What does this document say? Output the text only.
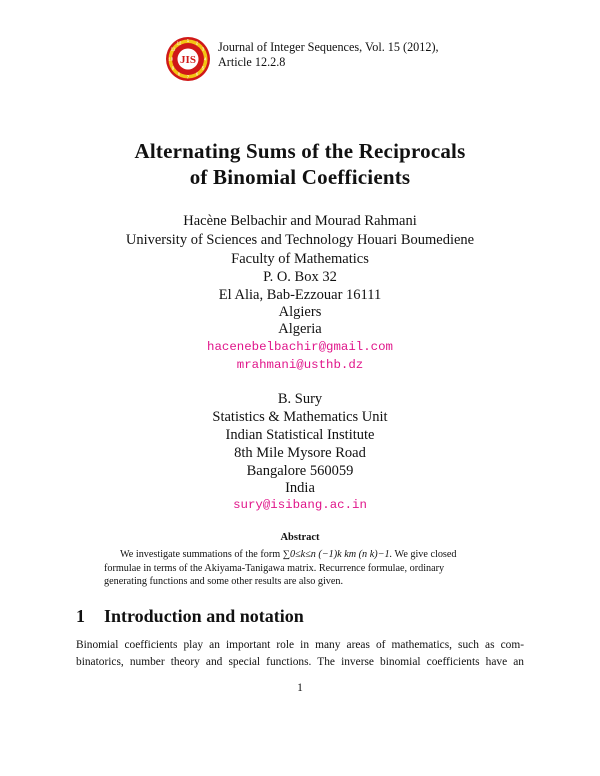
1 2
3
4
5
6
7
8
9
10
11
12
JIS
Journal of Integer Sequences, Vol. 15 (2012),
Article 12.2.8
Alternating Sums of the Reciprocals
of Binomial Coefficients
Hacène Belbachir and Mourad Rahmani
University of Sciences and Technology Houari Boumediene
Faculty of Mathematics
P. O. Box 32
El Alia, Bab-Ezzouar 16111
Algiers
Algeria
hacenebelbachir@gmail.com
mrahmani@usthb.dz
B. Sury
Statistics & Mathematics Unit
Indian Statistical Institute
8th Mile Mysore Road
Bangalore 560059
India
sury@isibang.ac.in
Abstract
We investigate summations of the form ∑0≤k≤n (−1)k km (n k)−1. We give closed
formulae in terms of the Akiyama-Tanigawa matrix. Recurrence formulae, ordinary
generating functions and some other results are also given.
1 Introduction and notation
Binomial coefficients play an important role in many areas of mathematics, such as com-
binatorics, number theory and special functions. The inverse binomial coefficients have an
1
